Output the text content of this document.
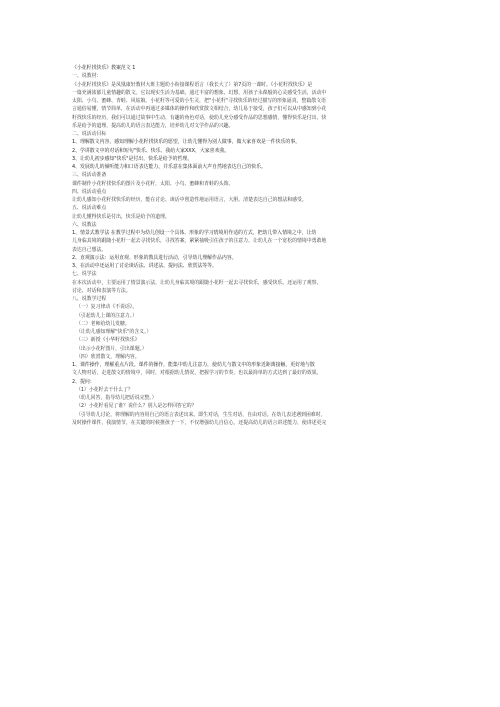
《小花籽找快乐》教案范文 1
一、说教材：
《小花籽找快乐》是凤凰康轩教材大班主题幼小衔接课程语言（我长大了）第7页的一课时。《小花籽找快乐》是
一篇充满浓郁儿童情趣的散文。它以现实生活为基础，通过丰富的想象、幻想，用孩子永葆般的心灵感受生活，活动中
太阳、小鸟、蜜蜂、青蛙、风姑娘、小花籽等可爱的小生灵，把"小花籽"寻找快乐的经过描写的形象逼真，整篇散文语
言通俗易懂，情节简单，在活动中再通过多媒体的操作和欣赏散文相结合，幼儿易于接受，孩子们可以从中感知到小花
籽找快乐的经历，我们可以通过故事中生动、有趣的角色对话，使幼儿充分感受作品的思想感情，懂得快乐是付出，快
乐是给予的道理，提高幼儿的语言表达能力，培养幼儿对文学作品的兴趣。
二、说活动目标
1、理解散文内容，感知理解小花籽找快乐的愿望，让幼儿懂得为别人做事，做大家喜欢是一件快乐的事。
2、学讲散文中的对话和短句"快乐、快乐、我给大家XXX，大家喜欢我。
3、让幼儿初步感知"快乐"是付出，快乐是给予的哲理。
4、发展幼儿的倾听能力和口语表达能力，并乐意在集体面前大声自然地表达自己的快乐。
三、说活动准备
课件制作小花籽找快乐的图片及小花籽，太阳、小鸟、蜜蜂和青蛙的头饰。
四、说活动重点
让幼儿感知小花籽找快乐的经历，能在讨论、谈话中创造性地运用语言，大胆、清楚表达自己的想法和感受。
五、说活动难点
让幼儿懂得快乐是付出，快乐是给予的道理。
六、说教法
1、情景式教学法 在教学过程中为幼儿创设一个具体、形象的学习情境用作适的方式，把幼儿带入情境之中，让幼
儿身临其境的跟随小花籽一起去寻找快乐，寻找答案，紧紧抽吸引住孩子的注意力，让幼儿在一个宽松的情境中勇敢地
表达自己想法。
2、直观演示法：运用直观、形象的教具进行活动，引导幼儿理解作品内容。
3、在活动中还运用了讨论谈话法、讲述法、提问法、欣赏法等等。
七、说学法
在本次活动中，主要运用了情景演示法，让幼儿身临其境的跟随小花籽一起去寻找快乐，感受快乐。还运用了观察，
讨论、对话和表演等方法。
八、说教学过程
（一）复习律动《不说话》。
（引起幼儿上课的注意力。）
（二）老师给幼儿发糖。
（让幼儿感知理解"快乐"的含义。）
（三）新授《小华籽找快乐》
（出示小花籽图片，引出课题。）
（四）欣赏散文，理解内容。
1、课件操作，理解重点片段。课件的操作，能集中幼儿注意力，使幼儿与散文中的形象近距离接触，更好地与散
文人物对话，走进散文的情境中，同时，对根据幼儿情况，把握学习的节奏，也以最简单的方式达到了最好的效果。
2、提问：
（1）小花籽去干什么了？
（幼儿回答，指导幼儿把话说完整。）
（2）小花籽看见了谁？说什么？别人是怎样回答它的？
（引导幼儿讨论，将理解的内容用自己的语言表述出来。即生对话，生生对话，自由对话。在幼儿表述遇到困难时，
及时操作课件，我演情节，在关键的时候推孩子一下，不仅增强幼儿自信心，还提高幼儿的语言讲述能力，使讲述更完
